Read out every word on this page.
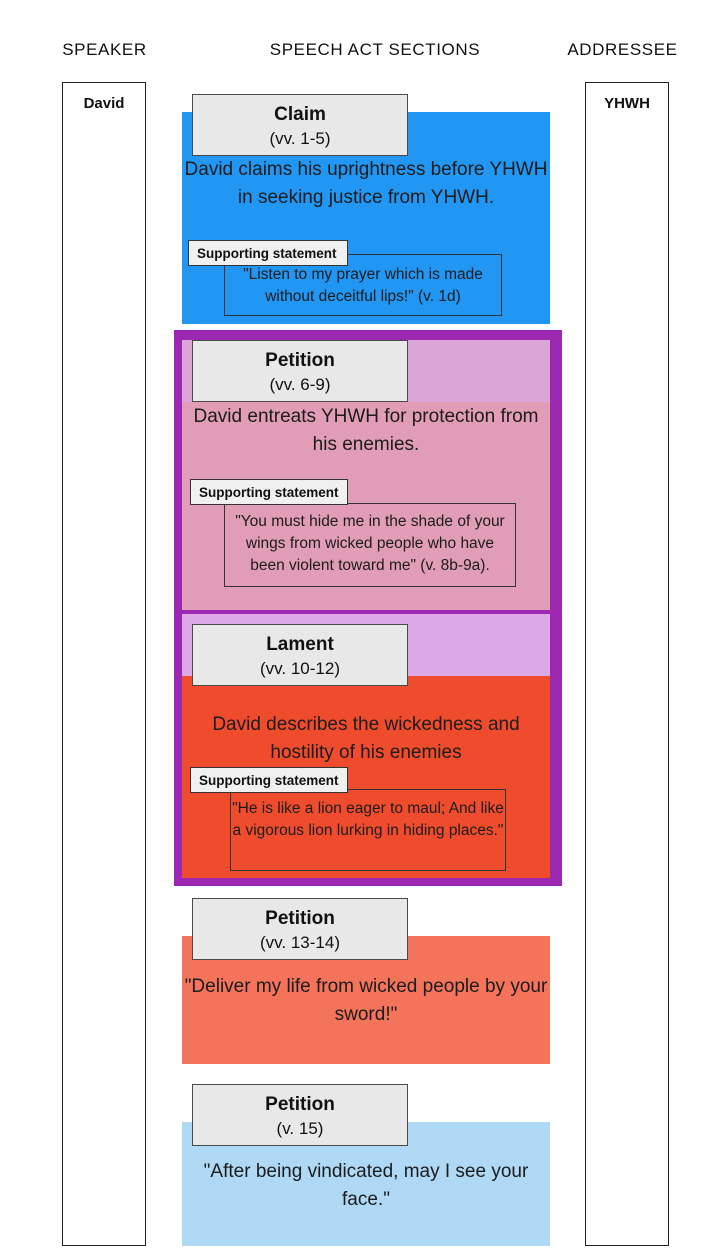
SPEAKER	SPEECH ACT SECTIONS	ADDRESSEE
David	YHWH
David claims his uprightness before YHWH in seeking justice from YHWH.
"Listen to my prayer which is made without deceitful lips!" (v. 1d)
Supporting statement
Claim
(vv. 1-5)
David entreats YHWH for protection from his enemies.
"You must hide me in the shade of your wings from wicked people who have been violent toward me" (v. 8b-9a).
Supporting statement
Petition
(vv. 6-9)
David describes the wickedness and hostility of his enemies
"He is like a lion eager to maul; And like a vigorous lion lurking in hiding places."
Supporting statement
Lament
(vv. 10-12)
"Deliver my life from wicked people by your sword!"
Petition
(vv. 13-14)
"After being vindicated, may I see your face."
Petition
(v. 15)
